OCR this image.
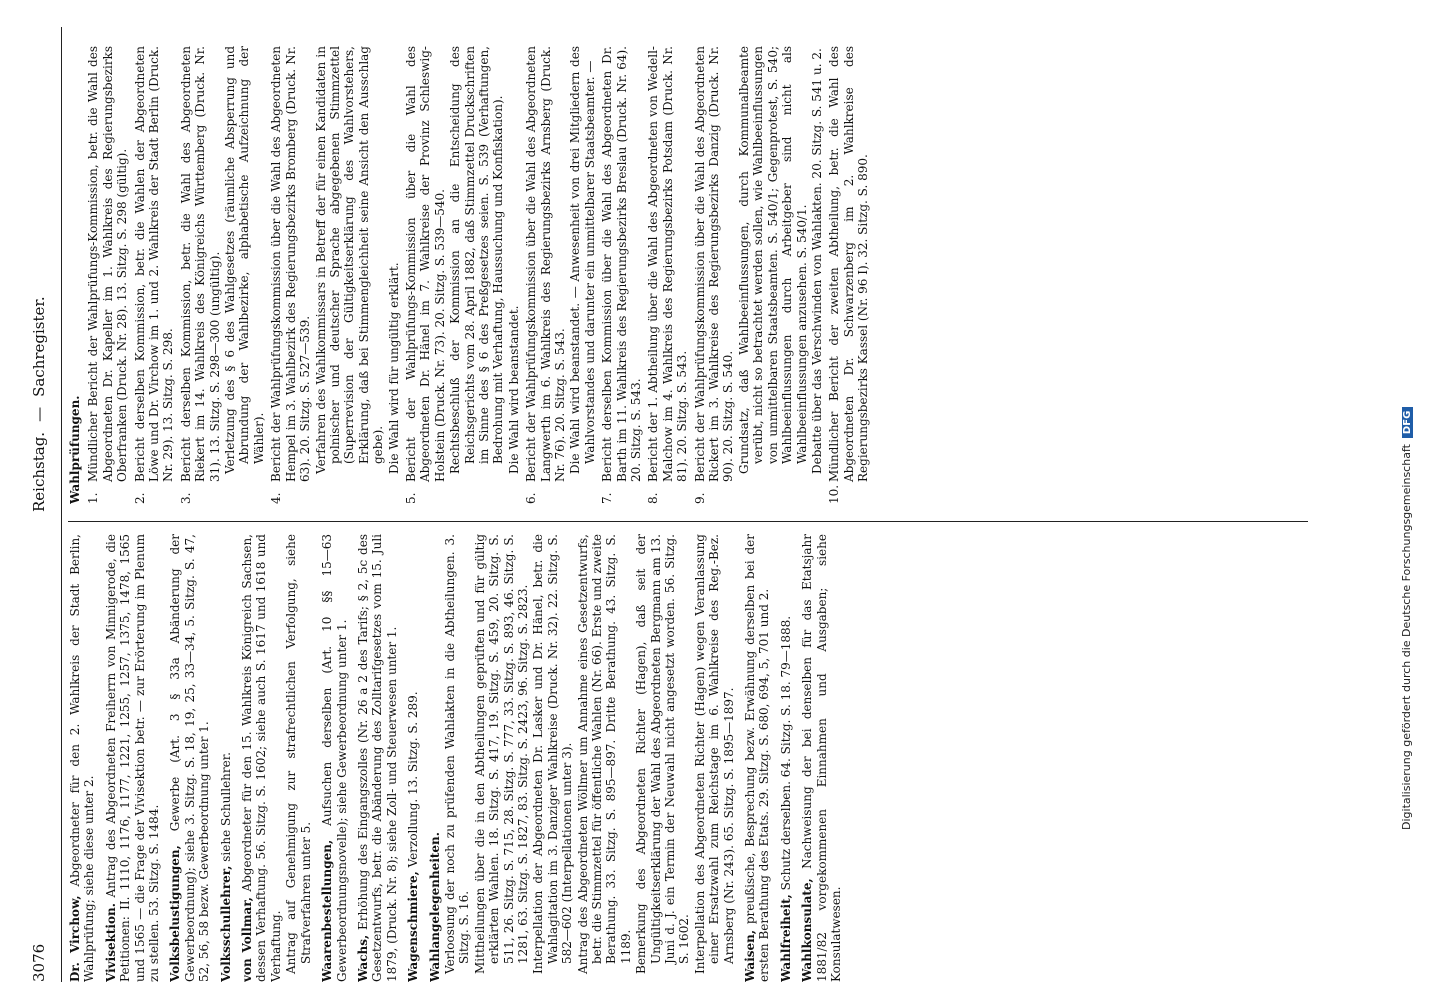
3076
Reichstag.—Sachregister.
Dr. Virchow, Abgeordneter für den 2. Wahlkreis der Stadt Berlin, Wahlprüfung; siehe diese unter 2. Vivisektion. Antrag des Abgeordneten Freiherrn von Minnigerode, die Petitionen: II. 1110, 1176, 1177, 1221, 1255, 1257, 1375, 1478, 1565 und 1565 — die Frage der Vivisektion betr. — zur Erörterung im Plenum zu stellen. 53. Sitzg. S. 1484. Volksbelustigungen, Gewerbe (Art. 3 § 33a Abänderung der Gewerbeordnung); siehe 3. Sitzg. S. 18, 19, 25, 33—34, 5. Sitzg. S. 47, 52, 56, 58 bezw. Gewerbeordnung unter 1. Volksschullehrer, siehe Schullehrer.
von Vollmar, Abgeordneter für den 15. Wahlkreis Königreich Sachsen, dessen Verhaftung. 56. Sitzg. S. 1602; siehe auch S. 1617 und 1618 und Verhaftung. Antrag auf Genehmigung zur strafrechtlichen Verfolgung, siehe Strafverfahren unter 5. Waarenbestellungen, Aufsuchen derselben (Art. 10 §§ 15—63 Gewerbeordnungsnovelle); siehe Gewerbeordnung unter 1. Wachs, Erhöhung des Eingangszolles (Nr. 26 a 2 des Tarifs; § 2, 5c des Gesetzentwurfs, betr. die Abänderung des Zolltarifgesetzes vom 15. Juli 1879, (Druck. Nr. 8); siehe Zoll- und Steuerwesen unter 1. Wagenschmiere, Verzollung. 13. Sitzg. S. 289.
Wahlangelegenheiten. Verloosung der noch zu prüfenden Wahlakten in die Abtheilungen. 3. Sitzg. S. 16. Mittheilungen über die in den Abtheilungen geprüften und für gültig erklärten Wahlen. 18. Sitzg. S. 417, 19. Sitzg. S. 459, 20. Sitzg. S. 511, 26. Sitzg. S. 715, 28. Sitzg. S. 777, 33. Sitzg. S. 893, 46. Sitzg. S. 1281, 63. Sitzg. S. 1827, 83. Sitzg. S. 2423, 96. Sitzg. S. 2823. Interpellation der Abgeordneten Dr. Lasker und Dr. Hänel, betr. die Wahlagitation im 3. Danziger Wahlkreise (Druck. Nr. 32). 22. Sitzg. S. 582—602 (Interpellationen unter 3). Antrag des Abgeordneten Wöllmer um Annahme eines Gesetzentwurfs, betr. die Stimmzettel für öffentliche Wahlen (Nr. 66). Erste und zweite Berathung. 33. Sitzg. S. 895—897. Dritte Berathung. 43. Sitzg. S. 1189. Bemerkung des Abgeordneten Richter (Hagen), daß seit der Ungültigkeitserklärung der Wahl des Abgeordneten Bergmann am 13. Juni d. J. ein Termin der Neuwahl nicht angesetzt worden. 56. Sitzg. S. 1602. Interpellation des Abgeordneten Richter (Hagen) wegen Veranlassung einer Ersatzwahl zum Reichstage im 6. Wahlkreise des Reg.-Bez. Arnsberg (Nr. 243). 65. Sitzg. S. 1895—1897. Waisen, preußische, Besprechung bezw. Erwähnung derselben bei der ersten Berathung des Etats. 29. Sitzg. S. 680, 694, 5, 701 und 2. Wahlfreiheit, Schutz derselben. 64. Sitzg. S. 18. 79—1888.
Wahlkonsulate, Nachweisung der bei denselben für das Etatsjahr 1881/82 vorgekommenen Einnahmen und Ausgaben; siehe Konsulatwesen.
Wahlprüfungen. 1.
Mündlicher Bericht der Wahlprüfungs-Kommission, betr. die Wahl des Abgeordneten Dr. Kapeller im 1. Wahlkreis des Regierungsbezirks Oberfranken (Druck. Nr. 28). 13. Sitzg. S. 298 (gültig).
2.
Bericht derselben Kommission, betr. die Wahlen der Abgeordneten Löwe und Dr. Virchow im 1. und 2. Wahlkreis der Stadt Berlin (Druck. Nr. 29). 13. Sitzg. S. 298.
3.
Bericht derselben Kommission, betr. die Wahl des Abgeordneten Riekert im 14. Wahlkreis des Königreichs Württemberg (Druck. Nr. 31). 13. Sitzg. S. 298—300 (ungültig). Verletzung des § 6 des Wahlgesetzes (räumliche Absperrung und Abrundung der Wahlbezirke, alphabetische Aufzeichnung der Wähler).
4.
Bericht der Wahlprüfungskommission über die Wahl des Abgeordneten Hempel im 3. Wahlbezirk des Regierungsbezirks Bromberg (Druck. Nr. 63). 20. Sitzg. S. 527—539. Verfahren des Wahlkommissars in Betreff der für einen Kandidaten in polnischer und deutscher Sprache abgegebenen Stimmzettel (Superrevision der Gültigkeitserklärung des Wahlvorstehers, Erklärung, daß bei Stimmengleichheit seine Ansicht den Ausschlag gebe). Die Wahl wird für ungültig erklärt.
5.
Bericht der Wahlprüfungs-Kommission über die Wahl des Abgeordneten Dr. Hänel im 7. Wahlkreise der Provinz Schleswig-Holstein (Druck. Nr. 73). 20. Sitzg. S. 539—540. Rechtsbeschluß der Kommission an die Entscheidung des Reichsgerichts vom 28. April 1882, daß Stimmzettel Druckschriften im Sinne des § 6 des Preßgesetzes seien. S. 539 (Verhaftungen, Bedrohung mit Verhaftung, Haussuchung und Konfiskation). Die Wahl wird beanstandet.
6.
Bericht der Wahlprüfungskommission über die Wahl des Abgeordneten Langwerth im 6. Wahlkreis des Regierungsbezirks Arnsberg (Druck. Nr. 76). 20. Sitzg. S. 543. Die Wahl wird beanstandet. — Anwesenheit von drei Mitgliedern des Wahlvorstandes und darunter ein unmittelbarer Staatsbeamter. —
7.
Bericht derselben Kommission über die Wahl des Abgeordneten Dr. Barth im 11. Wahlkreis des Regierungsbezirks Breslau (Druck. Nr. 64). 20. Sitzg. S. 543.
8.
Bericht der 1. Abtheilung über die Wahl des Abgeordneten von Wedell-Malchow im 4. Wahlkreis des Regierungsbezirks Potsdam (Druck. Nr. 81). 20. Sitzg. S. 543.
9.
Bericht der Wahlprüfungskommission über die Wahl des Abgeordneten Rickert im 3. Wahlkreise des Regierungsbezirks Danzig (Druck. Nr. 90). 20. Sitzg. S. 540. Grundsatz, daß Wahlbeeinflussungen, durch Kommunalbeamte verübt, nicht so betrachtet werden sollen, wie Wahlbeeinflussungen von unmittelbaren Staatsbeamten. S. 540/1; Gegenprotest, S. 540; Wahlbeeinflussungen durch Arbeitgeber sind nicht als Wahlbeeinflussungen anzusehen. S. 540/1. Debatte über das Verschwinden von Wahlakten. 20. Sitzg. S. 541 u. 2.
10.
Mündlicher Bericht der zweiten Abtheilung, betr. die Wahl des Abgeordneten Dr. Schwarzenberg im 2. Wahlkreise des Regierungsbezirks Kassel (Nr. 96 I). 32. Sitzg. S. 890.
Digitalisierung gefördert durch die Deutsche ForschungsgemeinschaftDFG
